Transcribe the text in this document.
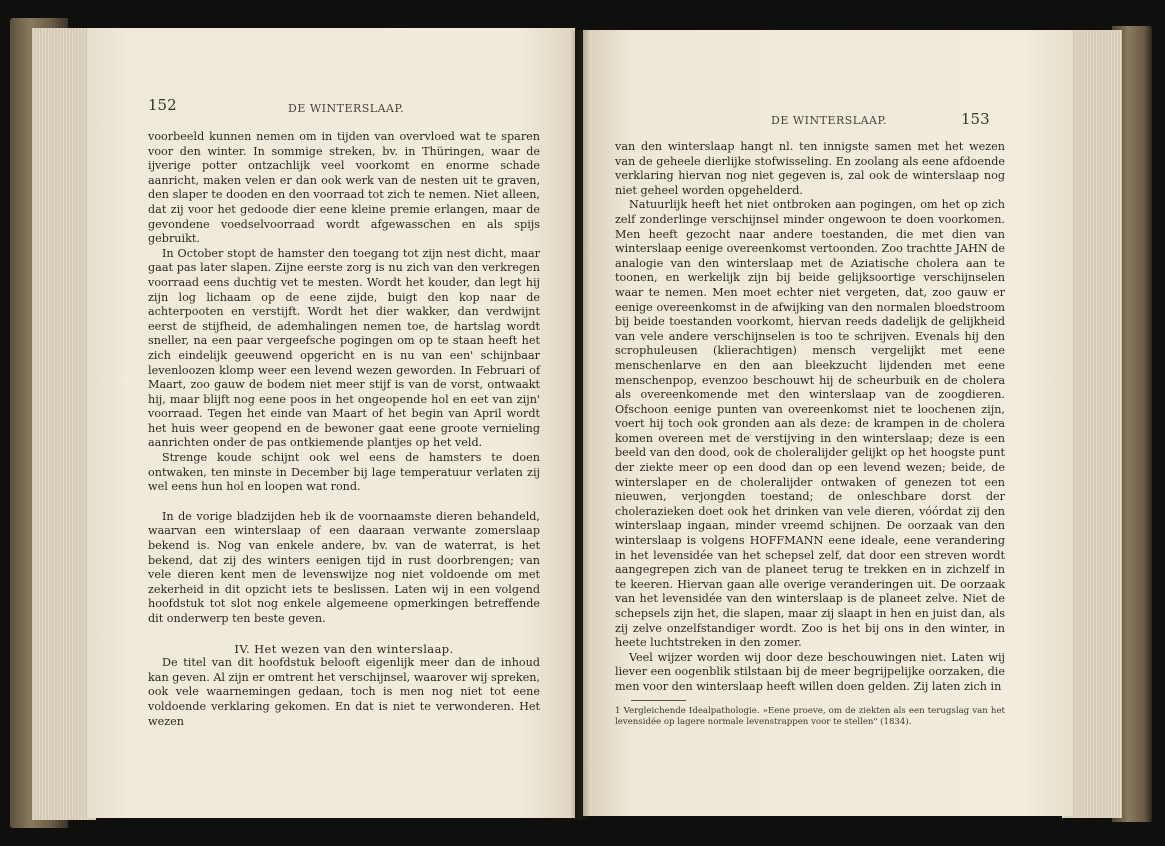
152	DE WINTERSLAAP.

voorbeeld kunnen nemen om in tijden van overvloed wat te sparen voor den winter. In sommige streken, bv. in Thüringen, waar de ijverige potter ontzachlijk veel voorkomt en enorme schade aanricht, maken velen er dan ook werk van de nesten uit te graven, den slaper te dooden en den voorraad tot zich te nemen. Niet alleen, dat zij voor het gedoode dier eene kleine premie erlangen, maar de gevondene voedselvoorraad wordt afgewasschen en als spijs gebruikt.

In October stopt de hamster den toegang tot zijn nest dicht, maar gaat pas later slapen. Zijne eerste zorg is nu zich van den verkregen voorraad eens duchtig vet te mesten. Wordt het kouder, dan legt hij zijn log lichaam op de eene zijde, buigt den kop naar de achterpooten en verstijft. Wordt het dier wakker, dan verdwijnt eerst de stijfheid, de ademhalingen nemen toe, de hartslag wordt sneller, na een paar vergeefsche pogingen om op te staan heeft het zich eindelijk geeuwend opgericht en is nu van een' schijnbaar levenloozen klomp weer een levend wezen geworden. In Februari of Maart, zoo gauw de bodem niet meer stijf is van de vorst, ontwaakt hij, maar blijft nog eene poos in het ongeopende hol en eet van zijn' voorraad. Tegen het einde van Maart of het begin van April wordt het huis weer geopend en de bewoner gaat eene groote vernieling aanrichten onder de pas ontkiemende plantjes op het veld.

Strenge koude schijnt ook wel eens de hamsters te doen ontwaken, ten minste in December bij lage temperatuur verlaten zij wel eens hun hol en loopen wat rond.

In de vorige bladzijden heb ik de voornaamste dieren behandeld, waarvan een winterslaap of een daaraan verwante zomerslaap bekend is. Nog van enkele andere, bv. van de waterrat, is het bekend, dat zij des winters eenigen tijd in rust doorbrengen; van vele dieren kent men de levenswijze nog niet voldoende om met zekerheid in dit opzicht iets te beslissen. Laten wij in een volgend hoofdstuk tot slot nog enkele algemeene opmerkingen betreffende dit onderwerp ten beste geven.

IV. Het wezen van den winterslaap.

De titel van dit hoofdstuk belooft eigenlijk meer dan de inhoud kan geven. Al zijn er omtrent het verschijnsel, waarover wij spreken, ook vele waarnemingen gedaan, toch is men nog niet tot eene voldoende verklaring gekomen. En dat is niet te verwonderen. Het wezen

DE WINTERSLAAP.	153

van den winterslaap hangt nl. ten innigste samen met het wezen van de geheele dierlijke stofwisseling. En zoolang als eene afdoende verklaring hiervan nog niet gegeven is, zal ook de winterslaap nog niet geheel worden opgehelderd.

Natuurlijk heeft het niet ontbroken aan pogingen, om het op zich zelf zonderlinge verschijnsel minder ongewoon te doen voorkomen. Men heeft gezocht naar andere toestanden, die met dien van winterslaap eenige overeenkomst vertoonden. Zoo trachtte JAHN de analogie van den winterslaap met de Aziatische cholera aan te toonen, en werkelijk zijn bij beide gelijksoortige verschijnselen waar te nemen. Men moet echter niet vergeten, dat, zoo gauw er eenige overeenkomst in de afwijking van den normalen bloedstroom bij beide toestanden voorkomt, hiervan reeds dadelijk de gelijkheid van vele andere verschijnselen is too te schrijven. Evenals hij den scrophuleusen (klierachtigen) mensch vergelijkt met eene menschenlarve en den aan bleekzucht lijdenden met eene menschenpop, evenzoo beschouwt hij de scheurbuik en de cholera als overeenkomende met den winterslaap van de zoogdieren. Ofschoon eenige punten van overeenkomst niet te loochenen zijn, voert hij toch ook gronden aan als deze: de krampen in de cholera komen overeen met de verstijving in den winterslaap; deze is een beeld van den dood, ook de choleralijder gelijkt op het hoogste punt der ziekte meer op een dood dan op een levend wezen; beide, de winterslaper en de choleralijder ontwaken of genezen tot een nieuwen, verjongden toestand; de onleschbare dorst der cholerazieken doet ook het drinken van vele dieren, vóórdat zij den winterslaap ingaan, minder vreemd schijnen. De oorzaak van den winterslaap is volgens HOFFMANN eene ideale, eene verandering in het levensidée van het schepsel zelf, dat door een streven wordt aangegrepen zich van de planeet terug te trekken en in zichzelf in te keeren. Hiervan gaan alle overige veranderingen uit. De oorzaak van het levensidée van den winterslaap is de planeet zelve. Niet de schepsels zijn het, die slapen, maar zij slaapt in hen en juist dan, als zij zelve onzelfstandiger wordt. Zoo is het bij ons in den winter, in heete luchtstreken in den zomer.

Veel wijzer worden wij door deze beschouwingen niet. Laten wij liever een oogenblik stilstaan bij de meer begrijpelijke oorzaken, die men voor den winterslaap heeft willen doen gelden. Zij laten zich in

1 Vergleichende Idealpathologie. »Eene proeve, om de ziekten als een terugslag van het levensidée op lagere normale levenstrappen voor te stellen" (1834).
